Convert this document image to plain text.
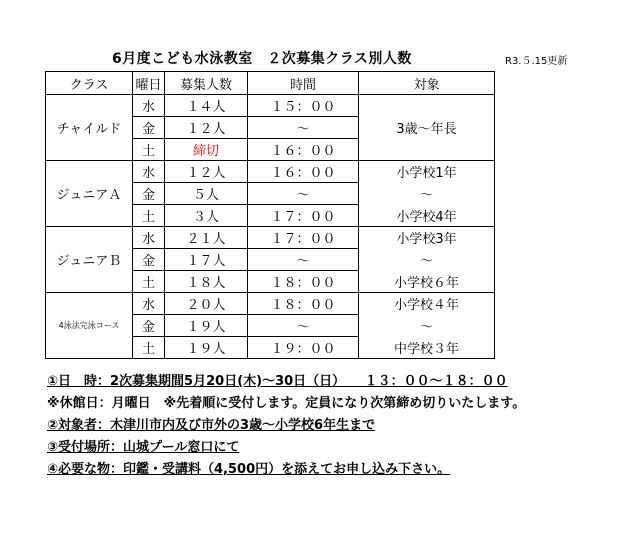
6月度こども水泳教室　２次募集クラス別人数	R3.５.15更新
クラス	曜日	募集人数	時間	対象
チャイルド	水	１４人	１５：００	3歳～年長
	金	１２人	～	
	土	締切	１６：００	
ジュニアＡ	水	１２人	１６：００	小学校1年
	金	５人	～	～
	土	３人	１７：００	小学校4年
ジュニアＢ	水	２１人	１７：００	小学校3年
	金	１７人	～	～
	土	１８人	１８：００	小学校６年
4泳法完泳コース	水	２０人	１８：００	小学校４年
	金	１９人	～	～
	土	１９人	１９：００	中学校３年
①日　時：2次募集期間5月20日(木)～30日（日）　　１３：００～１８：００
※休館日：月曜日　※先着順に受付します。定員になり次第締め切りいたします。
②対象者：木津川市内及び市外の3歳～小学校6年生まで
③受付場所：山城プール窓口にて
④必要な物：印鑑・受講料（4,500円）を添えてお申し込み下さい。
